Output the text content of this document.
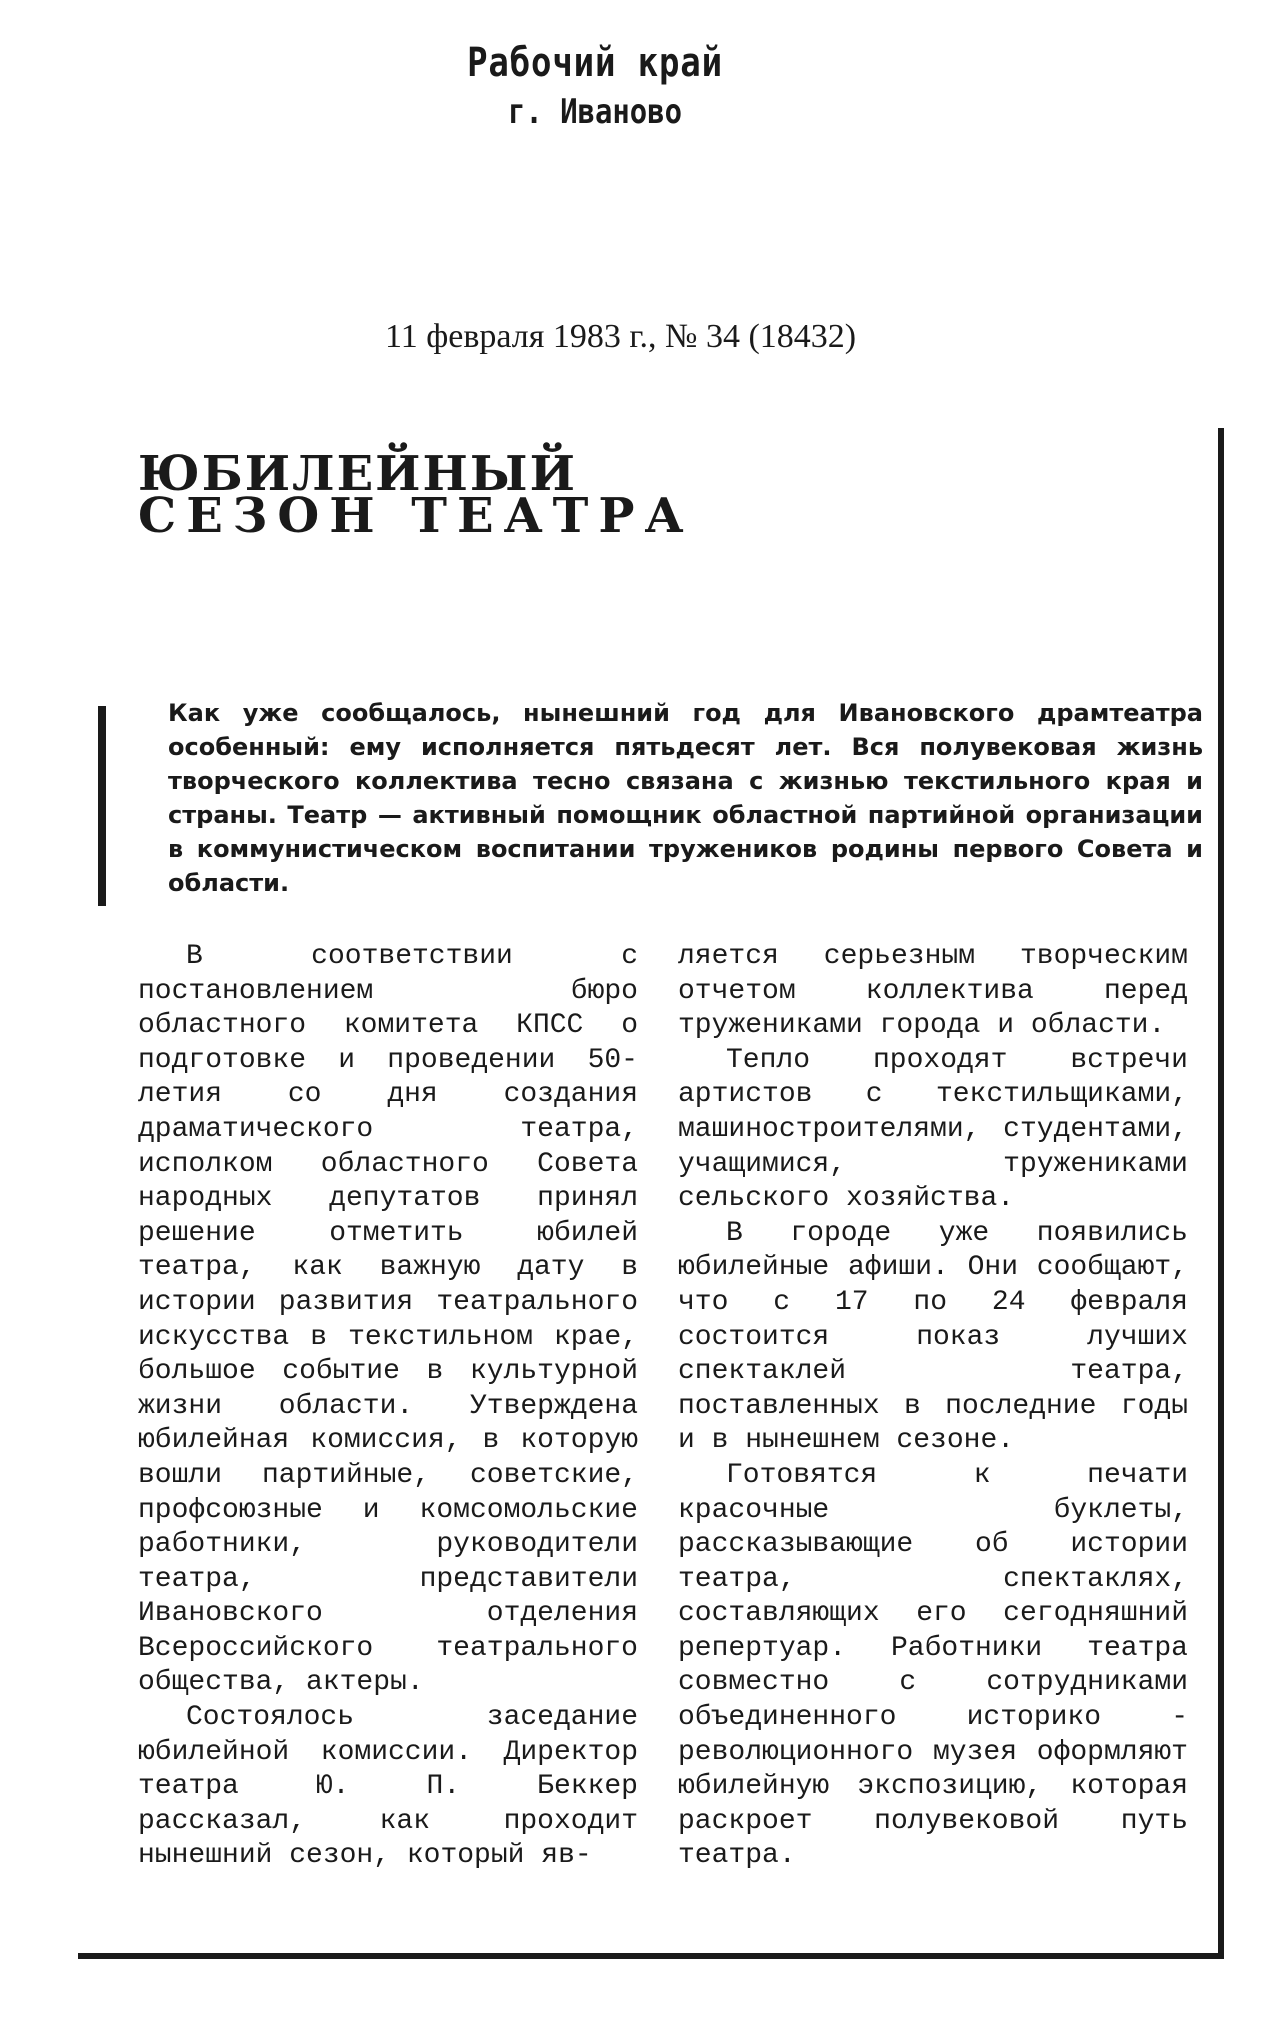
Рабочий край
г. Иваново
11 февраля 1983 г., № 34 (18432)
ЮБИЛЕЙНЫЙ
СЕЗОН ТЕАТРА
Как уже сообщалось, нынешний год для Ивановского драмтеатра особенный: ему исполняется пятьдесят лет. Вся полувековая жизнь творческого коллектива тесно связана с жизнью текстильного края и страны. Театр — активный помощник областной партийной организации в коммунистическом воспитании тружеников родины первого Совета и области.

В соответствии с постановлением бюро областного комитета КПСС о подготовке и проведении 50-летия со дня создания драматического театра, исполком областного Совета народных депутатов принял решение отметить юбилей театра, как важную дату в истории развития театрального искусства в текстильном крае, большое событие в культурной жизни области. Утверждена юбилейная комиссия, в которую вошли партийные, советские, профсоюзные и комсомольские работники, руководители театра, представители Ивановского отделения Всероссийского театрального общества, актеры.

Состоялось заседание юбилейной комиссии. Директор театра Ю. П. Беккер рассказал, как проходит нынешний сезон, который яв-

ляется серьезным творческим отчетом коллектива перед тружениками города и области.

Тепло проходят встречи артистов с текстильщиками, машиностроителями, студентами, учащимися, тружениками сельского хозяйства.

В городе уже появились юбилейные афиши. Они сообщают, что с 17 по 24 февраля состоится показ лучших спектаклей театра, поставленных в последние годы и в нынешнем сезоне.

Готовятся к печати красочные буклеты, рассказывающие об истории театра, спектаклях, составляющих его сегодняшний репертуар. Работники театра совместно с сотрудниками объединенного историко - революционного музея оформляют юбилейную экспозицию, которая раскроет полувековой путь театра.
